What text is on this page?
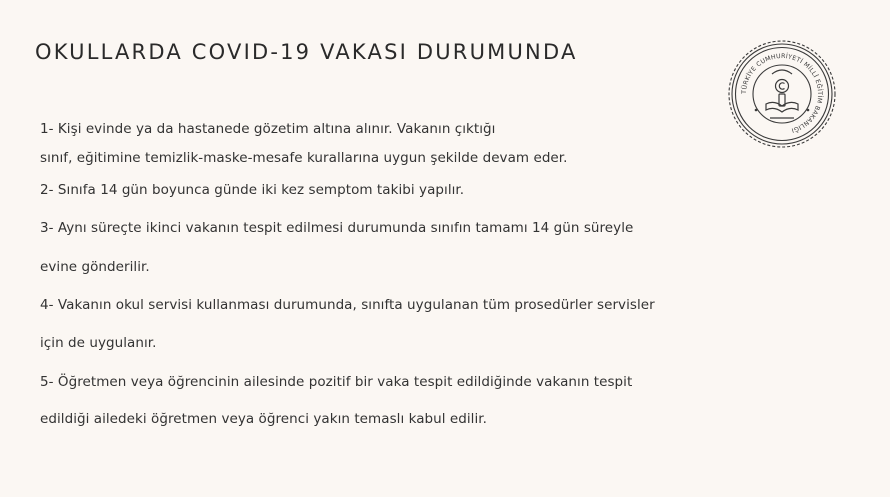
OKULLARDA COVID-19 VAKASI DURUMUNDA
TÜRKİYE CUMHURİYETİ MİLLÎ EĞİTİM BAKANLIĞI
1- Kişi evinde ya da hastanede gözetim altına alınır. Vakanın çıktığı
sınıf, eğitimine temizlik-maske-mesafe kurallarına uygun şekilde devam eder.
2- Sınıfa 14 gün boyunca günde iki kez semptom takibi yapılır.
3- Aynı süreçte ikinci vakanın tespit edilmesi durumunda sınıfın tamamı 14 gün süreyle
evine gönderilir.
4- Vakanın okul servisi kullanması durumunda, sınıfta uygulanan tüm prosedürler servisler
için de uygulanır.
5- Öğretmen veya öğrencinin ailesinde pozitif bir vaka tespit edildiğinde vakanın tespit
edildiği ailedeki öğretmen veya öğrenci yakın temaslı kabul edilir.
